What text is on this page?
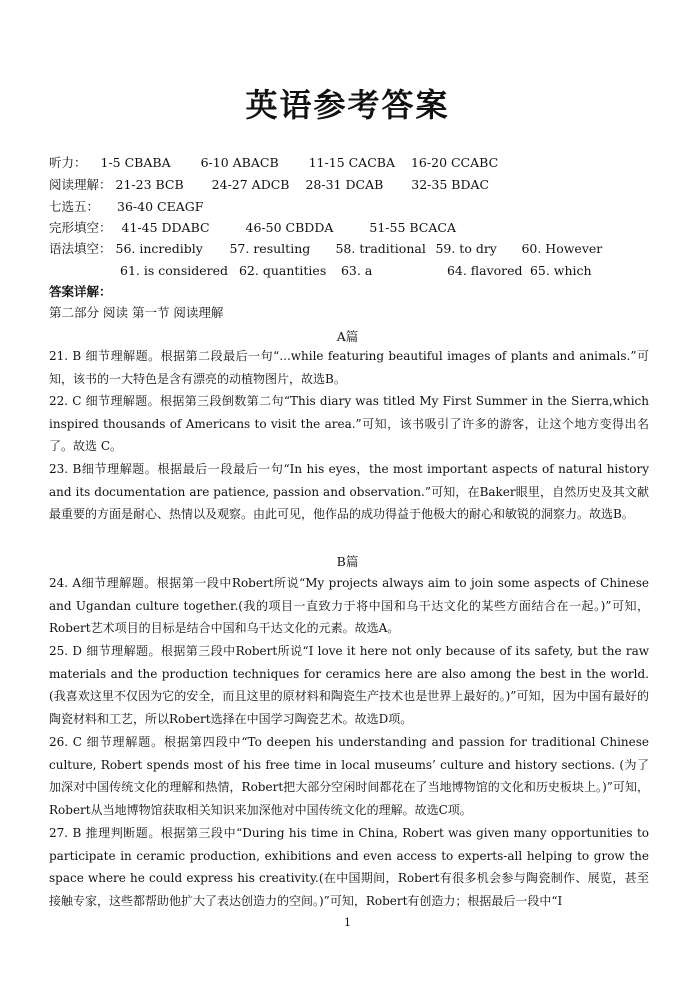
英语参考答案
听力： 1-5 CBABA 6-10 ABACB 11-15 CACBA 16-20 CCABC
阅读理解： 21-23 BCB 24-27 ADCB 28-31 DCAB 32-35 BDAC
七选五： 36-40 CEAGF
完形填空： 41-45 DDABC	46-50 CBDDA	51-55 BCACA
语法填空： 56. incredibly 57. resulting 58. traditional 59. to dry 60. However
61. is considered 62. quantities 63. a	64. flavored 65. which
答案详解：
第二部分 阅读 第一节 阅读理解
A篇
21. B 细节理解题。根据第二段最后一句“...while featuring beautiful images of plants and animals.”可知，该书的一大特色是含有漂亮的动植物图片，故选B。
22. C 细节理解题。根据第三段倒数第二句“This diary was titled My First Summer in the Sierra,which inspired thousands of Americans to visit the area.”可知，该书吸引了许多的游客，让这个地方变得出名了。故选 C。
23. B细节理解题。根据最后一段最后一句“In his eyes，the most important aspects of natural history and its documentation are patience, passion and observation.”可知，在Baker眼里，自然历史及其文献最重要的方面是耐心、热情以及观察。由此可见，他作品的成功得益于他极大的耐心和敏锐的洞察力。故选B。
B篇
24. A细节理解题。根据第一段中Robert所说“My projects always aim to join some aspects of Chinese and Ugandan culture together.(我的项目一直致力于将中国和乌干达文化的某些方面结合在一起。)”可知，Robert艺术项目的目标是结合中国和乌干达文化的元素。故选A。
25. D 细节理解题。根据第三段中Robert所说“I love it here not only because of its safety, but the raw materials and the production techniques for ceramics here are also among the best in the world. (我喜欢这里不仅因为它的安全，而且这里的原材料和陶瓷生产技术也是世界上最好的。)”可知，因为中国有最好的陶瓷材料和工艺，所以Robert选择在中国学习陶瓷艺术。故选D项。
26. C 细节理解题。根据第四段中“To deepen his understanding and passion for traditional Chinese culture, Robert spends most of his free time in local museums’ culture and history sections. (为了加深对中国传统文化的理解和热情，Robert把大部分空闲时间都花在了当地博物馆的文化和历史板块上。)”可知，Robert从当地博物馆获取相关知识来加深他对中国传统文化的理解。故选C项。
27. B 推理判断题。根据第三段中“During his time in China, Robert was given many opportunities to participate in ceramic production, exhibitions and even access to experts-all helping to grow the space where he could express his creativity.(在中国期间，Robert有很多机会参与陶瓷制作、展览，甚至接触专家，这些都帮助他扩大了表达创造力的空间。)”可知，Robert有创造力；根据最后一段中“I
1
